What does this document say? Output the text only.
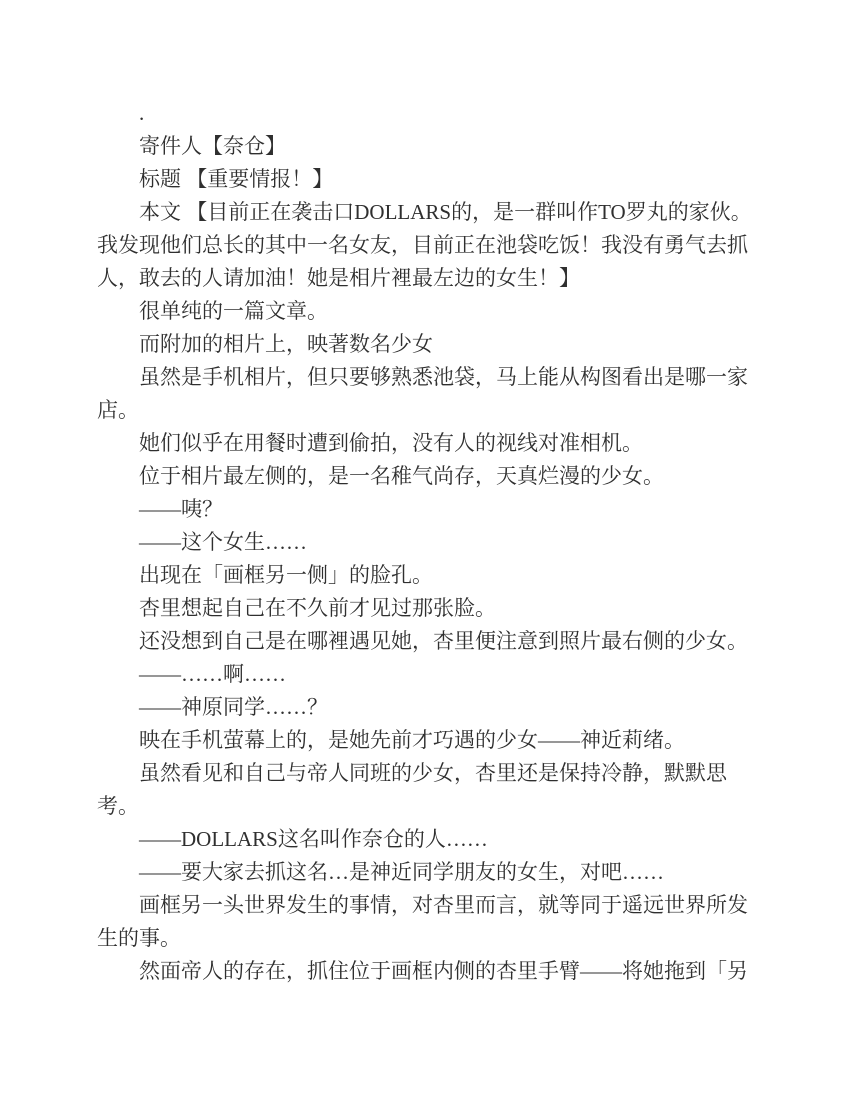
.

寄件人【奈仓】

标题 【重要情报！】

本文 【目前正在袭击口DOLLARS的，是一群叫作TO罗丸的家伙。

我发现他们总长的其中一名女友，目前正在池袋吃饭！我没有勇气去抓

人，敢去的人请加油！她是相片裡最左边的女生！】

很单纯的一篇文章。

而附加的相片上，映著数名少女

虽然是手机相片，但只要够熟悉池袋，马上能从构图看出是哪一家

店。

她们似乎在用餐时遭到偷拍，没有人的视线对准相机。

位于相片最左侧的，是一名稚气尚存，天真烂漫的少女。

——咦？

——这个女生……

出现在「画框另一侧」的脸孔。

杏里想起自己在不久前才见过那张脸。

还没想到自己是在哪裡遇见她，杏里便注意到照片最右侧的少女。

——……啊……

——神原同学……？

映在手机萤幕上的，是她先前才巧遇的少女——神近莉绪。

虽然看见和自己与帝人同班的少女，杏里还是保持冷静，默默思

考。

——DOLLARS这名叫作奈仓的人……

——要大家去抓这名…是神近同学朋友的女生，对吧……

画框另一头世界发生的事情，对杏里而言，就等同于遥远世界所发

生的事。

然面帝人的存在，抓住位于画框内侧的杏里手臂——将她拖到「另
